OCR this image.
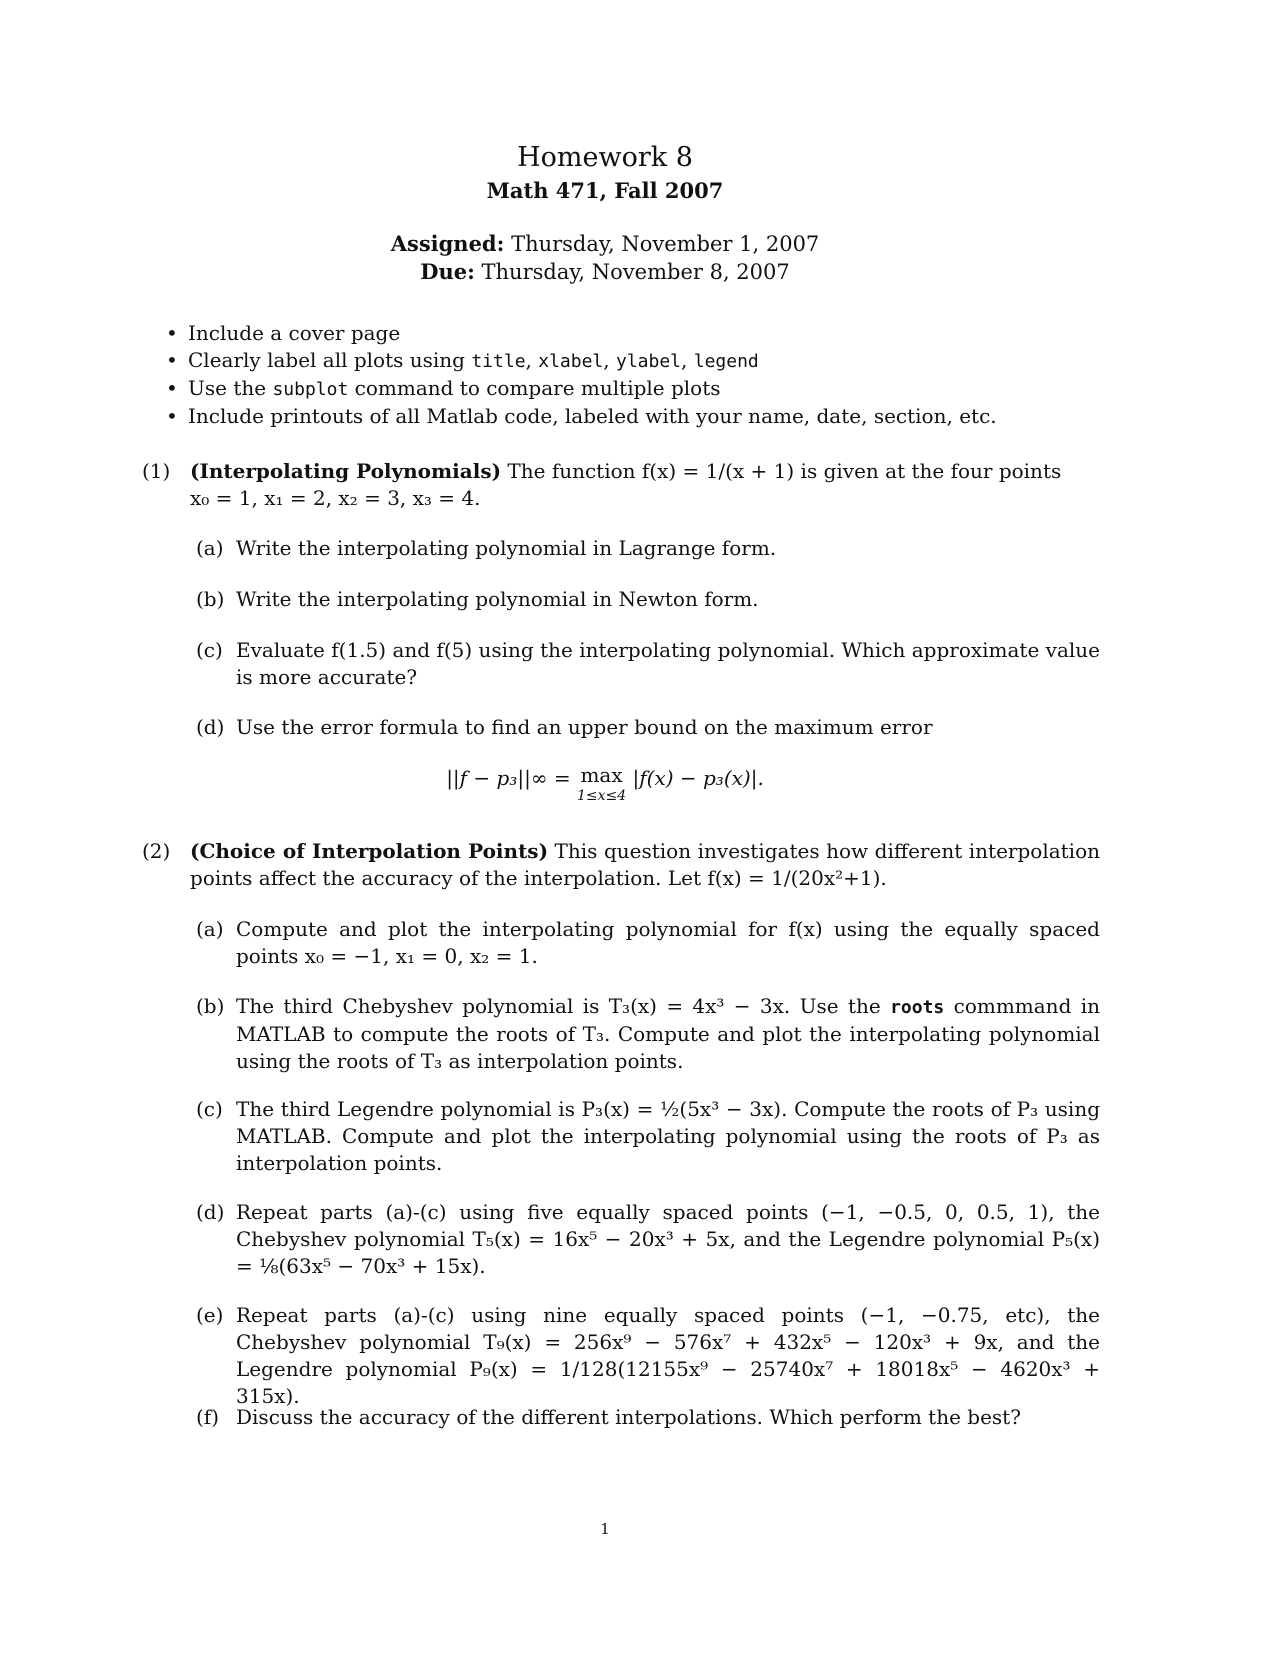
Homework 8
Math 471, Fall 2007
Assigned: Thursday, November 1, 2007
Due: Thursday, November 8, 2007
• Include a cover page
• Clearly label all plots using title, xlabel, ylabel, legend
• Use the subplot command to compare multiple plots
• Include printouts of all Matlab code, labeled with your name, date, section, etc.
(1) (Interpolating Polynomials) The function f(x) = 1/(x + 1) is given at the four points
x₀ = 1, x₁ = 2, x₂ = 3, x₃ = 4.
(a) Write the interpolating polynomial in Lagrange form.
(b) Write the interpolating polynomial in Newton form.
(c) Evaluate f(1.5) and f(5) using the interpolating polynomial. Which approximate value is more accurate?
(d) Use the error formula to find an upper bound on the maximum error
||f − p₃||∞ = max
1≤x≤4 |f(x) − p₃(x)|.
(2) (Choice of Interpolation Points) This question investigates how different interpolation points affect the accuracy of the interpolation. Let f(x) = 1/(20x²+1).
(a) Compute and plot the interpolating polynomial for f(x) using the equally spaced points x₀ = −1, x₁ = 0, x₂ = 1.
(b) The third Chebyshev polynomial is T₃(x) = 4x³ − 3x. Use the roots commmand in MATLAB to compute the roots of T₃. Compute and plot the interpolating polynomial using the roots of T₃ as interpolation points.
(c) The third Legendre polynomial is P₃(x) = ½(5x³ − 3x). Compute the roots of P₃ using MATLAB. Compute and plot the interpolating polynomial using the roots of P₃ as interpolation points.
(d) Repeat parts (a)-(c) using five equally spaced points (−1, −0.5, 0, 0.5, 1), the Chebyshev polynomial T₅(x) = 16x⁵ − 20x³ + 5x, and the Legendre polynomial P₅(x) = ⅛(63x⁵ − 70x³ + 15x).
(e) Repeat parts (a)-(c) using nine equally spaced points (−1, −0.75, etc), the Chebyshev polynomial T₉(x) = 256x⁹ − 576x⁷ + 432x⁵ − 120x³ + 9x, and the Legendre polynomial P₉(x) = 1/128(12155x⁹ − 25740x⁷ + 18018x⁵ − 4620x³ + 315x).
(f) Discuss the accuracy of the different interpolations. Which perform the best?
1
